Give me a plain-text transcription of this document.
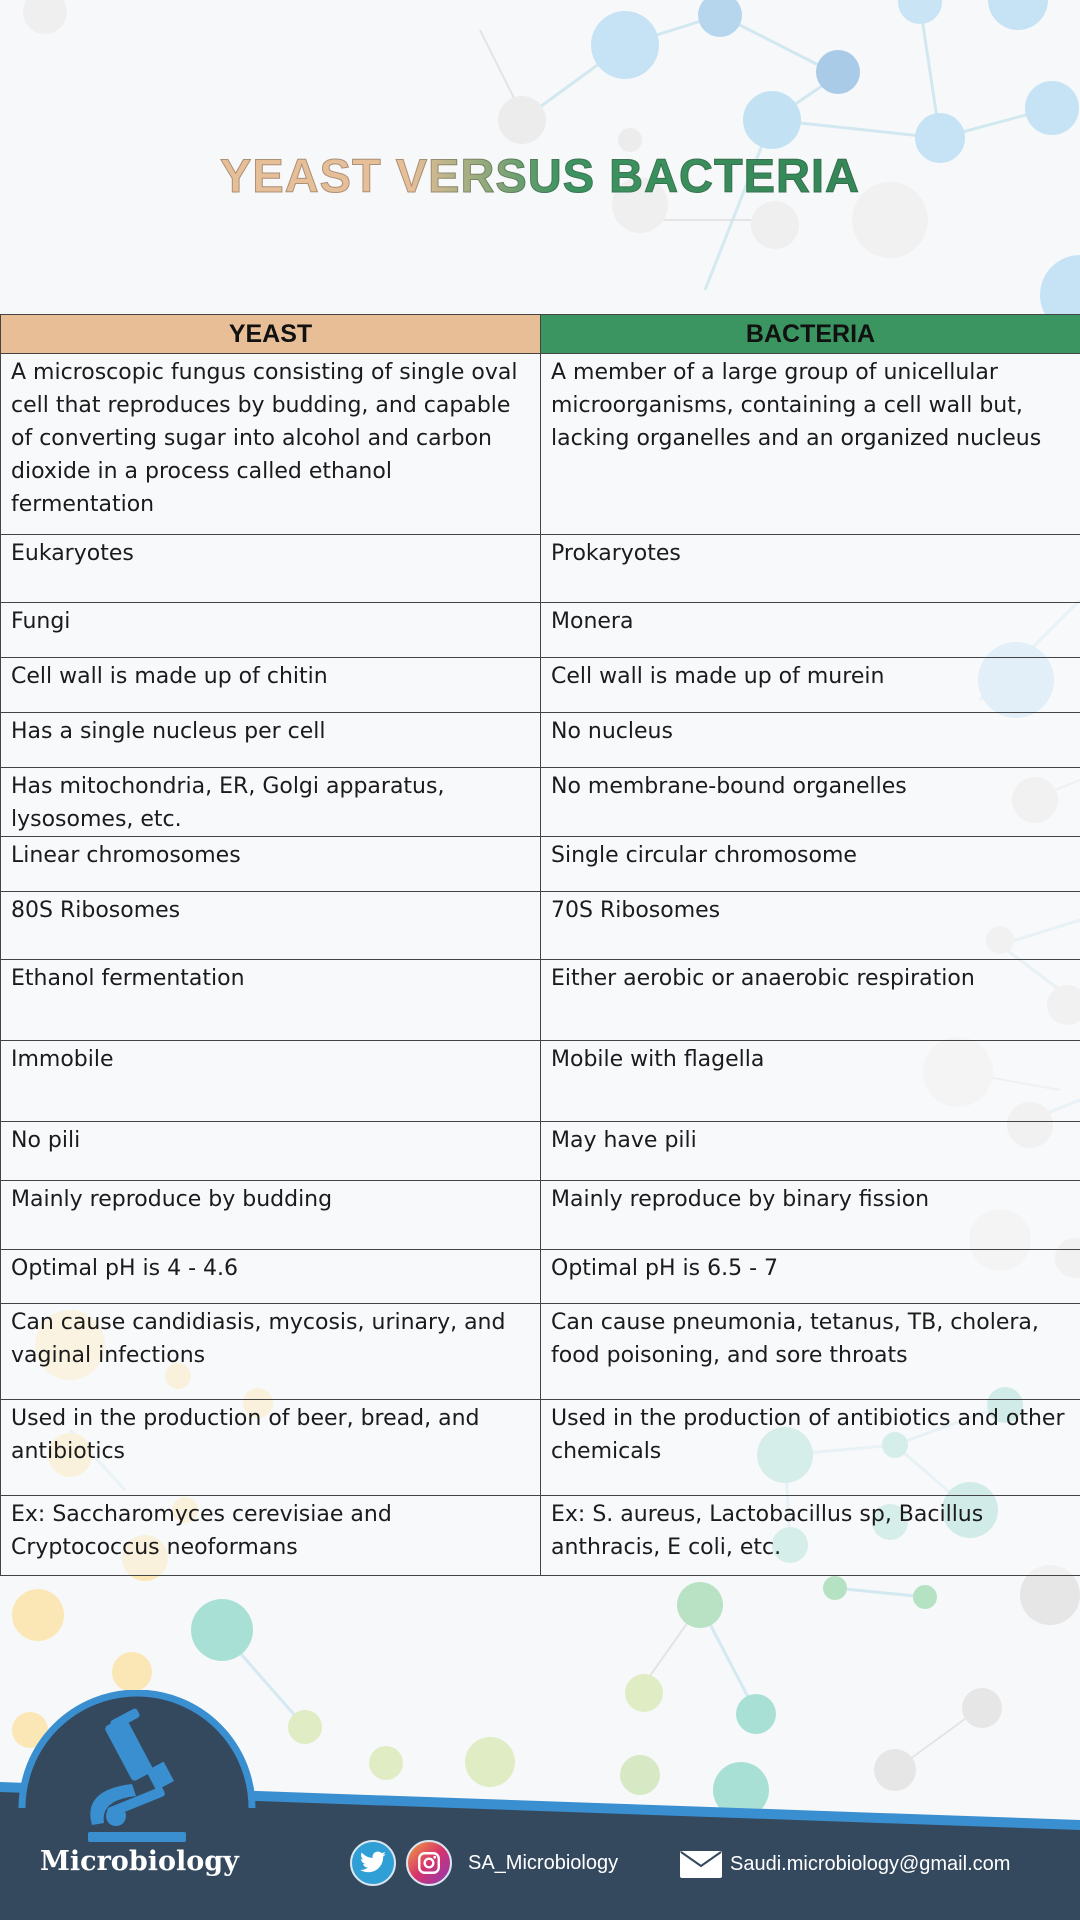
YEAST VERSUS BACTERIA
YEAST	BACTERIA
A microscopic fungus consisting of single oval cell that reproduces by budding, and capable of converting sugar into alcohol and carbon dioxide in a process called ethanol fermentation	A member of a large group of unicellular microorganisms, containing a cell wall but, lacking organelles and an organized nucleus
Eukaryotes	Prokaryotes
Fungi	Monera
Cell wall is made up of chitin	Cell wall is made up of murein
Has a single nucleus per cell	No nucleus
Has mitochondria, ER, Golgi apparatus, lysosomes, etc.	No membrane-bound organelles
Linear chromosomes	Single circular chromosome
80S Ribosomes	70S Ribosomes
Ethanol fermentation	Either aerobic or anaerobic respiration
Immobile	Mobile with flagella
No pili	May have pili
Mainly reproduce by budding	Mainly reproduce by binary fission
Optimal pH is 4 - 4.6	Optimal pH is 6.5 - 7
Can cause candidiasis, mycosis, urinary, and vaginal infections	Can cause pneumonia, tetanus, TB, cholera, food poisoning, and sore throats
Used in the production of beer, bread, and antibiotics	Used in the production of antibiotics and other chemicals
Ex: Saccharomyces cerevisiae and Cryptococcus neoformans	Ex: S. aureus, Lactobacillus sp, Bacillus anthracis, E coli, etc.
Microbiology	SA_Microbiology	Saudi.microbiology@gmail.com
